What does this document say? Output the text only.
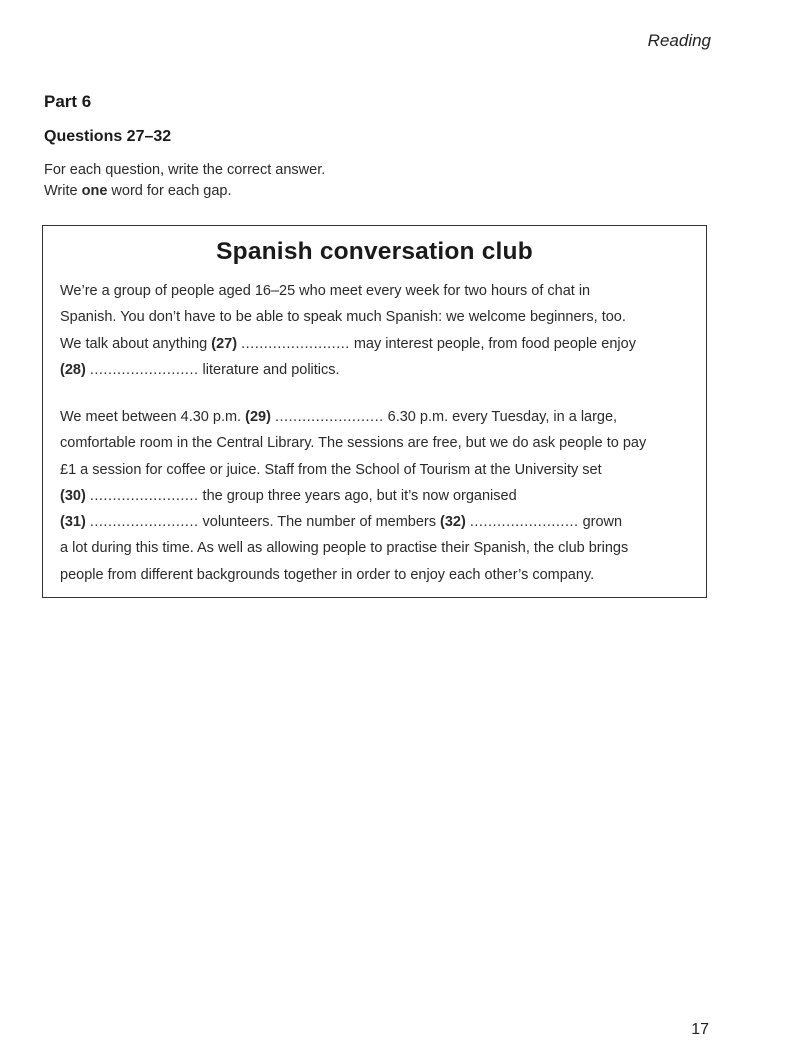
Reading
Part 6
Questions 27–32
For each question, write the correct answer.
Write one word for each gap.
Spanish conversation club
We’re a group of people aged 16–25 who meet every week for two hours of chat in
Spanish. You don’t have to be able to speak much Spanish: we welcome beginners, too.
We talk about anything (27) ........................ may interest people, from food people enjoy
(28) ........................ literature and politics.
We meet between 4.30 p.m. (29) ........................ 6.30 p.m. every Tuesday, in a large,
comfortable room in the Central Library. The sessions are free, but we do ask people to pay
£1 a session for coffee or juice. Staff from the School of Tourism at the University set
(30) ........................ the group three years ago, but it’s now organised
(31) ........................ volunteers. The number of members (32) ........................ grown
a lot during this time. As well as allowing people to practise their Spanish, the club brings
people from different backgrounds together in order to enjoy each other’s company.
17
